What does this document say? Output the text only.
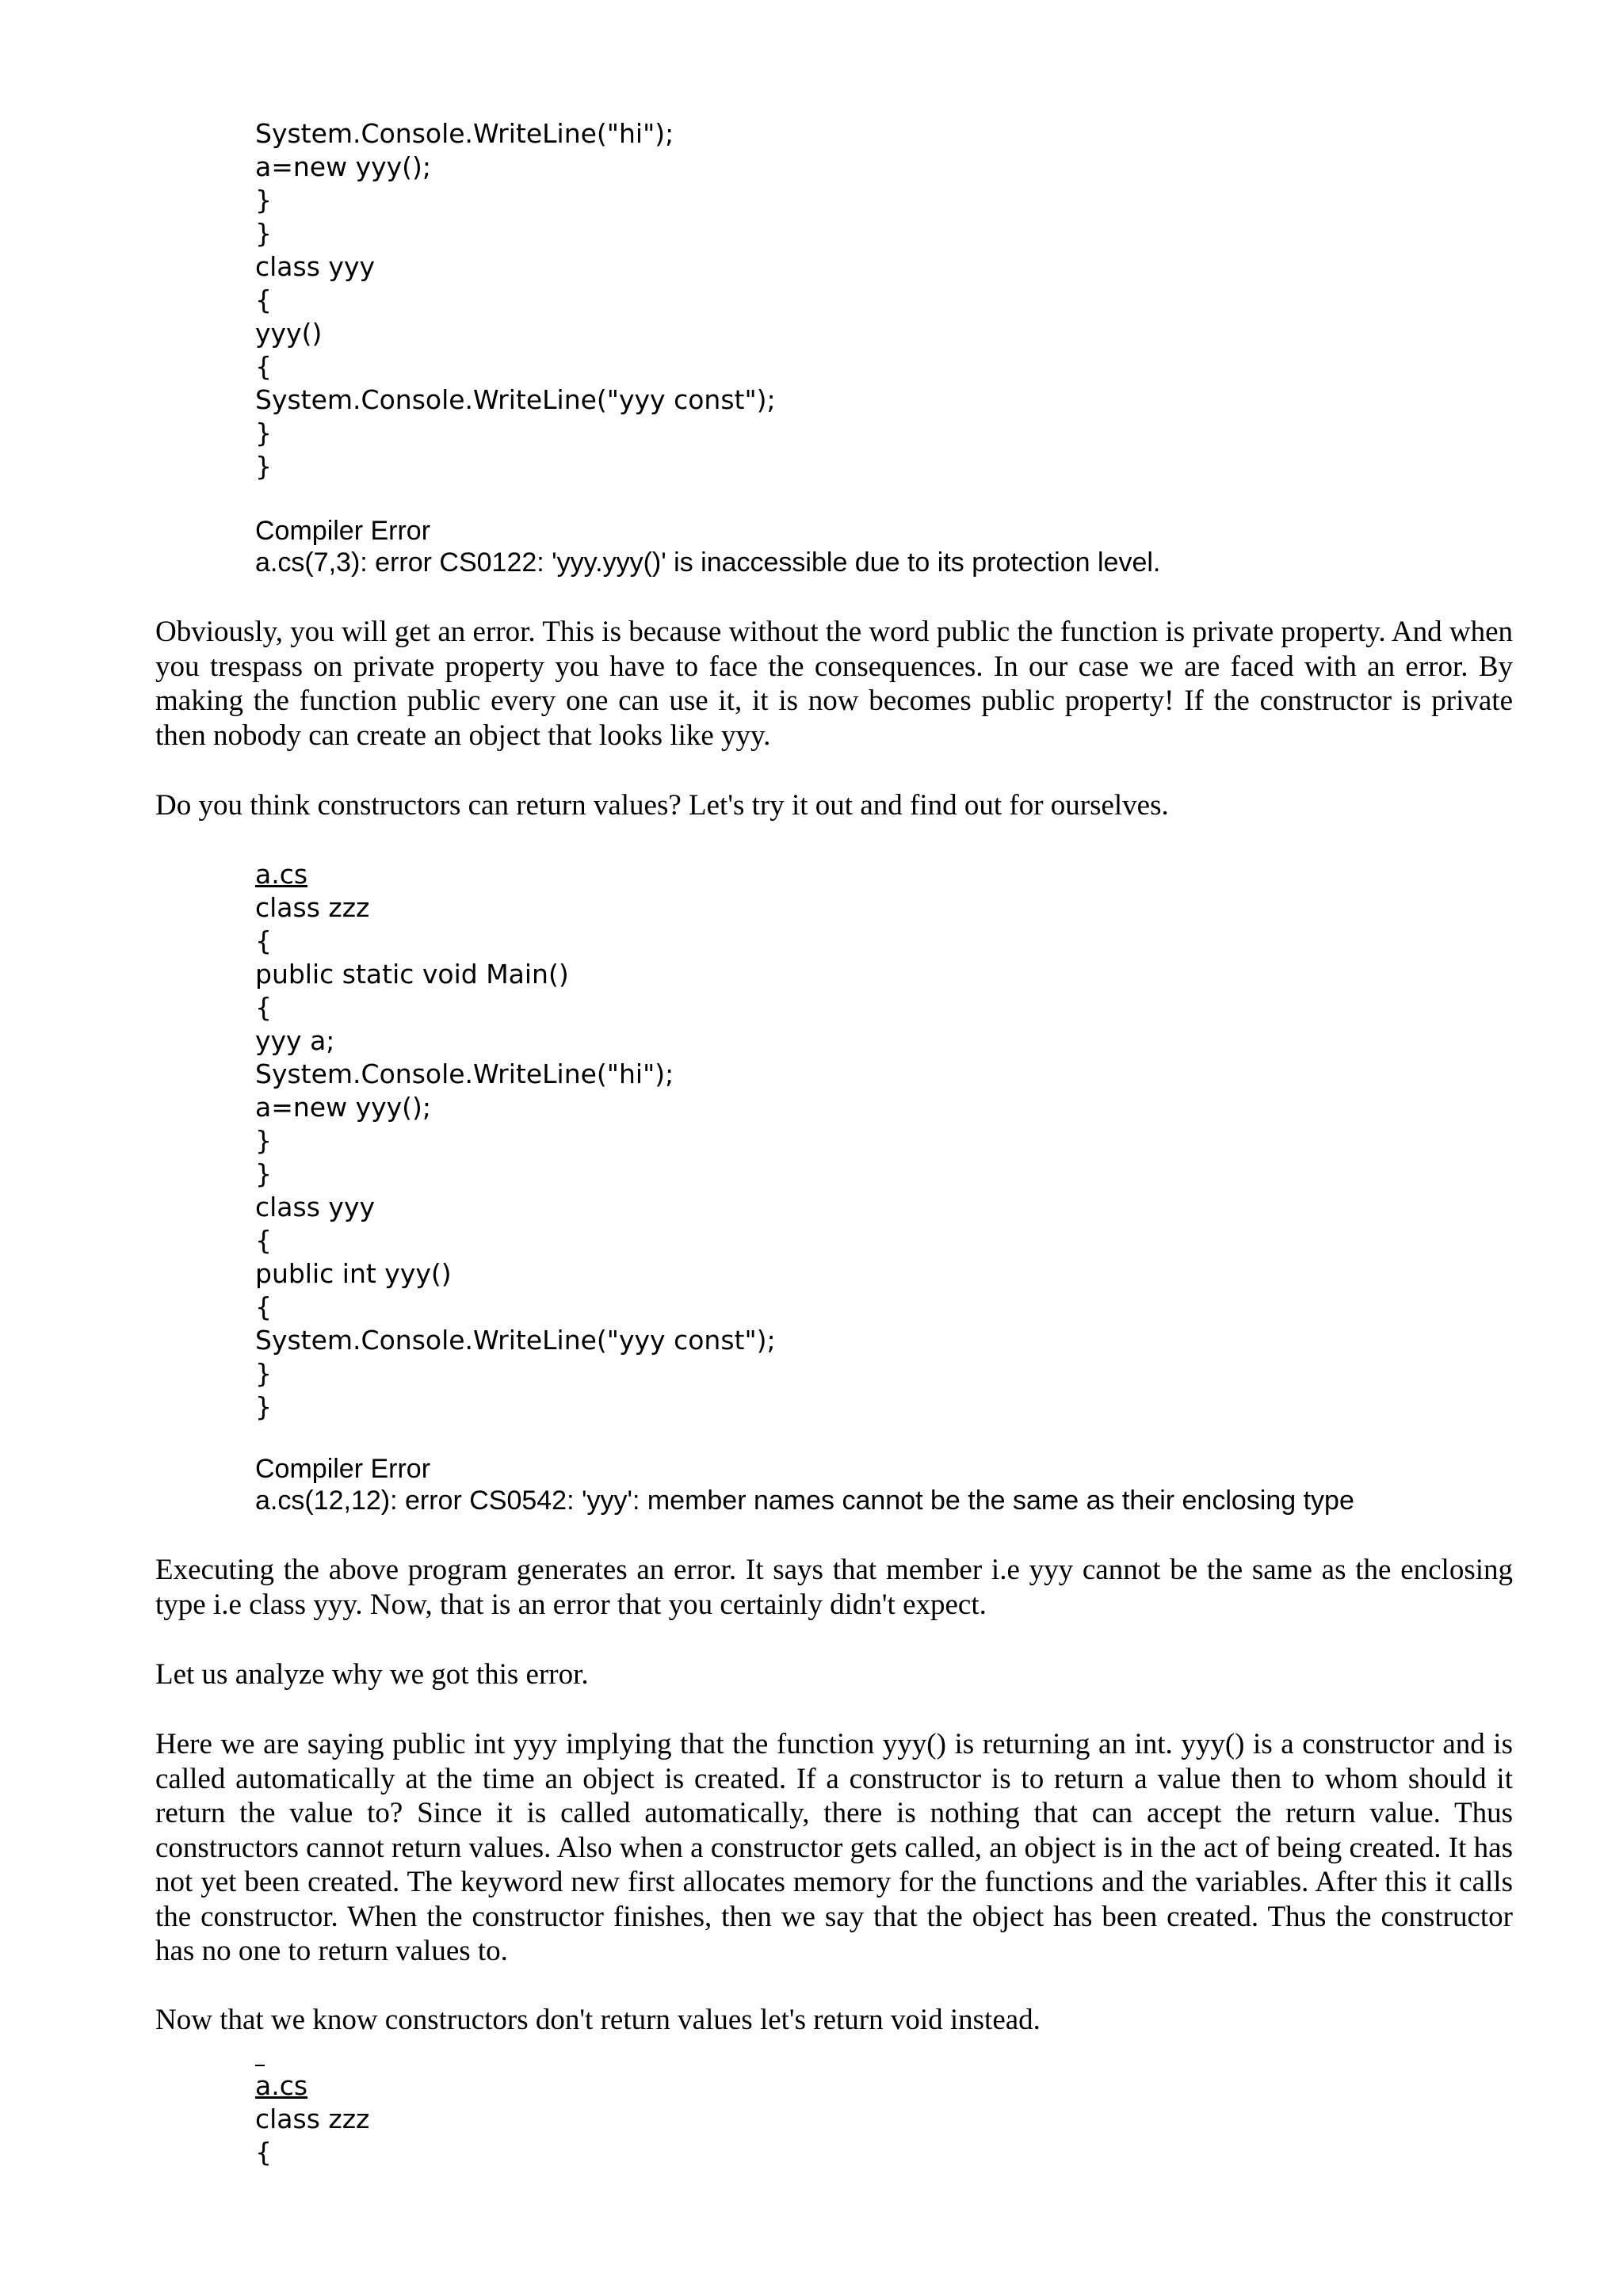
System.Console.WriteLine("hi");
a=new yyy();
}
}
class yyy
{
yyy()
{
System.Console.WriteLine("yyy const");
}
}
Compiler Error
a.cs(7,3): error CS0122: 'yyy.yyy()' is inaccessible due to its protection level.

Obviously, you will get an error. This is because without the word public the function is private property. And when you trespass on private property you have to face the consequences. In our case we are faced with an error. By making the function public every one can use it, it is now becomes public property! If the constructor is private then nobody can create an object that looks like yyy.

Do you think constructors can return values? Let's try it out and find out for ourselves.

a.cs
class zzz
{
public static void Main()
{
yyy a;
System.Console.WriteLine("hi");
a=new yyy();
}
}
class yyy
{
public int yyy()
{
System.Console.WriteLine("yyy const");
}
}
Compiler Error
a.cs(12,12): error CS0542: 'yyy': member names cannot be the same as their enclosing type

Executing the above program generates an error. It says that member i.e yyy cannot be the same as the enclosing type i.e class yyy. Now, that is an error that you certainly didn't expect.

Let us analyze why we got this error.

Here we are saying public int yyy implying that the function yyy() is returning an int. yyy() is a constructor and is called automatically at the time an object is created. If a constructor is to return a value then to whom should it return the value to? Since it is called automatically, there is nothing that can accept the return value. Thus constructors cannot return values. Also when a constructor gets called, an object is in the act of being created. It has not yet been created. The keyword new first allocates memory for the functions and the variables. After this it calls the constructor. When the constructor finishes, then we say that the object has been created. Thus the constructor has no one to return values to.

Now that we know constructors don't return values let's return void instead.

a.cs
class zzz
{
